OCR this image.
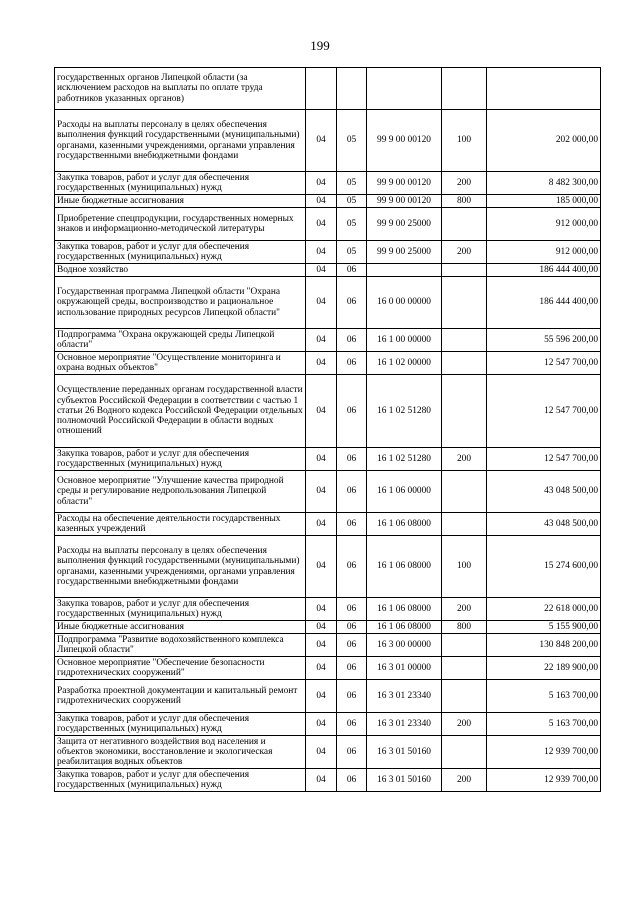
199
государственных органов Липецкой области (за исключением расходов на выплаты по оплате труда работников указанных органов)					
Расходы на выплаты персоналу в целях обеспечения выполнения функций государственными (муниципальными) органами, казенными учреждениями, органами управления государственными внебюджетными фондами	04	05	99 9 00 00120	100	202 000,00
Закупка товаров, работ и услуг для обеспечения государственных (муниципальных) нужд	04	05	99 9 00 00120	200	8 482 300,00
Иные бюджетные ассигнования	04	05	99 9 00 00120	800	185 000,00
Приобретение спецпродукции, государственных номерных знаков и информационно-методической литературы	04	05	99 9 00 25000		912 000,00
Закупка товаров, работ и услуг для обеспечения государственных (муниципальных) нужд	04	05	99 9 00 25000	200	912 000,00
Водное хозяйство	04	06			186 444 400,00
Государственная программа Липецкой области "Охрана окружающей среды, воспроизводство и рациональное использование природных ресурсов Липецкой области"	04	06	16 0 00 00000		186 444 400,00
Подпрограмма "Охрана окружающей среды Липецкой области"	04	06	16 1 00 00000		55 596 200,00
Основное мероприятие "Осуществление мониторинга и охрана водных объектов"	04	06	16 1 02 00000		12 547 700,00
Осуществление переданных органам государственной власти субъектов Российской Федерации в соответствии с частью 1 статьи 26 Водного кодекса Российской Федерации отдельных полномочий Российской Федерации в области водных отношений	04	06	16 1 02 51280		12 547 700,00
Закупка товаров, работ и услуг для обеспечения государственных (муниципальных) нужд	04	06	16 1 02 51280	200	12 547 700,00
Основное мероприятие "Улучшение качества природной среды и регулирование недропользования Липецкой области"	04	06	16 1 06 00000		43 048 500,00
Расходы на обеспечение деятельности государственных казенных учреждений	04	06	16 1 06 08000		43 048 500,00
Расходы на выплаты персоналу в целях обеспечения выполнения функций государственными (муниципальными) органами, казенными учреждениями, органами управления государственными внебюджетными фондами	04	06	16 1 06 08000	100	15 274 600,00
Закупка товаров, работ и услуг для обеспечения государственных (муниципальных) нужд	04	06	16 1 06 08000	200	22 618 000,00
Иные бюджетные ассигнования	04	06	16 1 06 08000	800	5 155 900,00
Подпрограмма "Развитие водохозяйственного комплекса Липецкой области"	04	06	16 3 00 00000		130 848 200,00
Основное мероприятие "Обеспечение безопасности гидротехнических сооружений"	04	06	16 3 01 00000		22 189 900,00
Разработка проектной документации и капитальный ремонт гидротехнических сооружений	04	06	16 3 01 23340		5 163 700,00
Закупка товаров, работ и услуг для обеспечения государственных (муниципальных) нужд	04	06	16 3 01 23340	200	5 163 700,00
Защита от негативного воздействия вод населения и объектов экономики, восстановление и экологическая реабилитация водных объектов	04	06	16 3 01 50160		12 939 700,00
Закупка товаров, работ и услуг для обеспечения государственных (муниципальных) нужд	04	06	16 3 01 50160	200	12 939 700,00
